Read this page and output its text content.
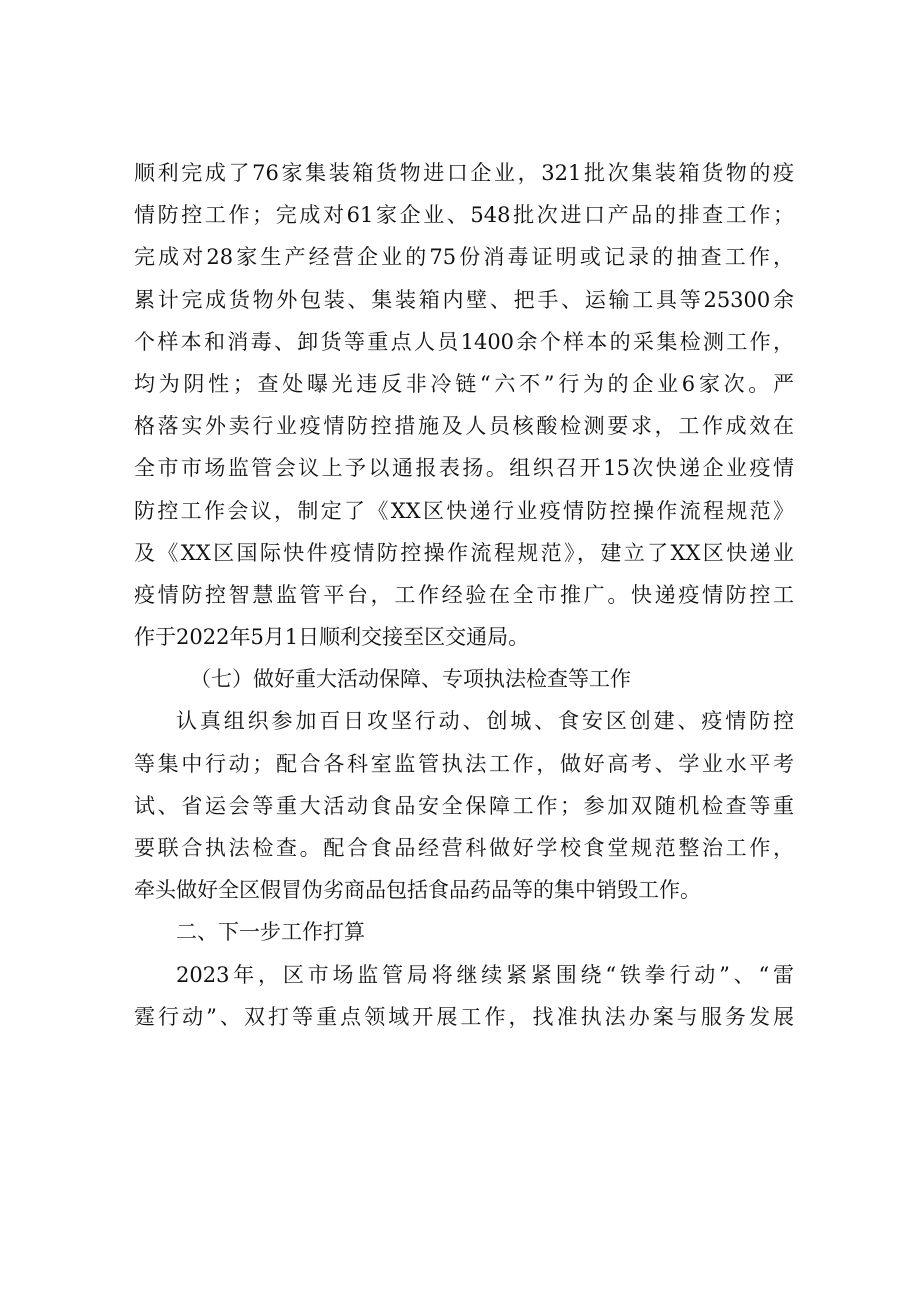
顺利完成了76家集装箱货物进口企业，321批次集装箱货物的疫
情防控工作；完成对61家企业、548批次进口产品的排查工作；
完成对28家生产经营企业的75份消毒证明或记录的抽查工作，
累计完成货物外包装、集装箱内壁、把手、运输工具等25300余
个样本和消毒、卸货等重点人员1400余个样本的采集检测工作，
均为阴性；查处曝光违反非冷链“六不”行为的企业6家次。严
格落实外卖行业疫情防控措施及人员核酸检测要求，工作成效在
全市市场监管会议上予以通报表扬。组织召开15次快递企业疫情
防控工作会议，制定了《XX区快递行业疫情防控操作流程规范》
及《XX区国际快件疫情防控操作流程规范》，建立了XX区快递业
疫情防控智慧监管平台，工作经验在全市推广。快递疫情防控工
作于2022年5月1日顺利交接至区交通局。
（七）做好重大活动保障、专项执法检查等工作
认真组织参加百日攻坚行动、创城、食安区创建、疫情防控
等集中行动；配合各科室监管执法工作，做好高考、学业水平考
试、省运会等重大活动食品安全保障工作；参加双随机检查等重
要联合执法检查。配合食品经营科做好学校食堂规范整治工作，
牵头做好全区假冒伪劣商品包括食品药品等的集中销毁工作。
二、下一步工作打算
2023年，区市场监管局将继续紧紧围绕“铁拳行动”、“雷
霆行动”、双打等重点领域开展工作，找准执法办案与服务发展
